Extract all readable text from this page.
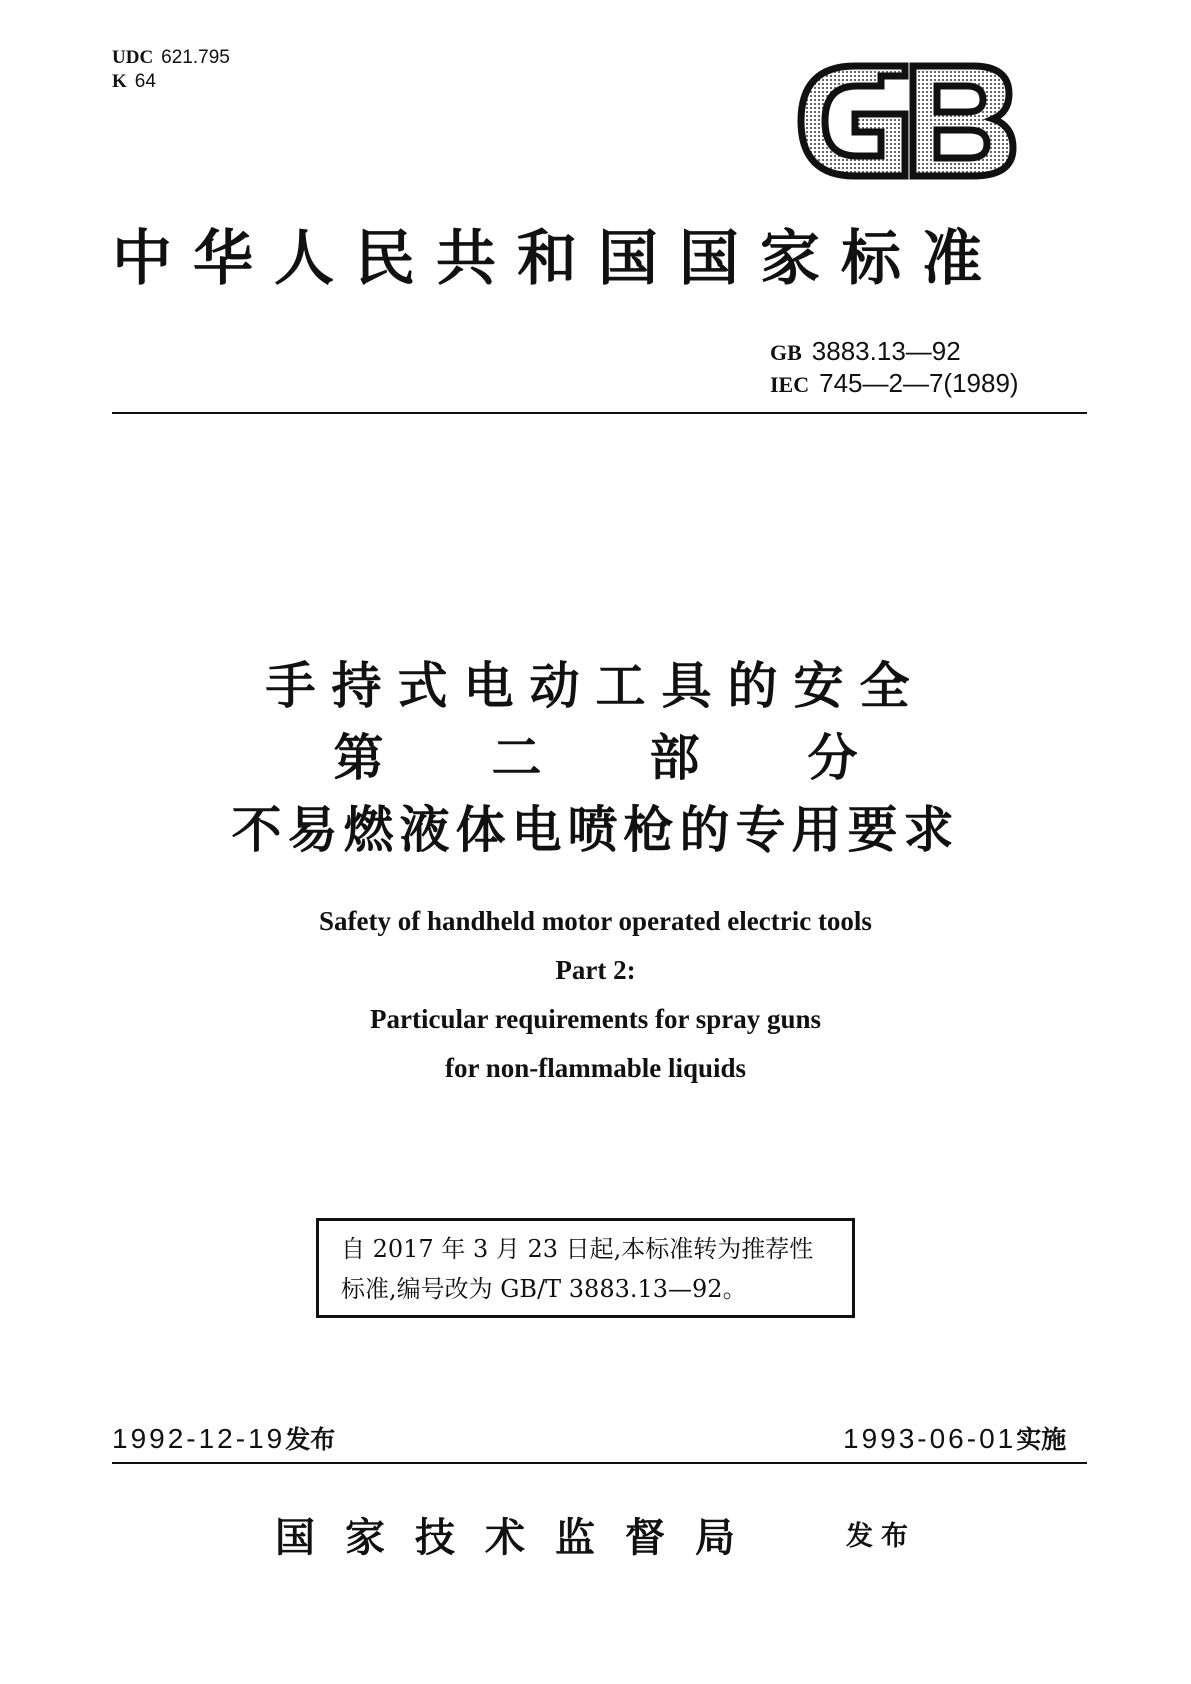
UDC 621.795
K 64
中华人民共和国国家标准
GB 3883.13—92
IEC 745—2—7(1989)
手持式电动工具的安全
第二部分
不易燃液体电喷枪的专用要求
Safety of handheld motor operated electric tools
Part 2:
Particular requirements for spray guns
for non-flammable liquids

自 2017 年 3 月 23 日起,本标准转为推荐性

标准,编号改为 GB/T 3883.13—92。

1992-12-19发布	1993-06-01实施
国家技术监督局	发布
